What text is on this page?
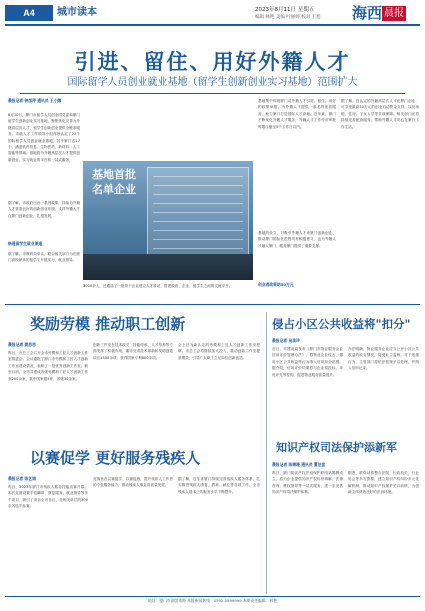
A4	城市读本	2023年8月11日 星期五
编辑 林艳 美编 叶丽婷 校对 王旭 海西 晨报
引进、留住、用好外籍人才
国际留学人员创业就业基地（留学生创新创业实习基地）范围扩大
晨报记者 钟彦萍 通讯员 王小娜
8月10日，厦门市留学人员创业园党委和厦门留学生创新创业实习基地，聚焦优化完善为外籍高层次人才、留学生创新创业提供全链条服务。市级人才工作领导小组首批认定了22个国际留学人员创业就业基地，其中厦门占17个，涵盖软件信息、生物医药、新材料、人工智能等领域。基地将为外籍高层次人才提供创新创业、实习就业的平台和一站式服务。
据了解，市政府出台一系列政策，持续为外籍人才营造良好的创新创业环境，支持外籍人才在厦门创新创业、扎根发展。
畅通留学生就业渠道
据了解，市教育局牵头，联合相关部门为在厦门高校就读的留学生开展实习、就业指导。
基地首批
名单企业
3000余人，还遴选了一批骨干企业建立人才驿站，搭建政府、企业、留学生之间的交流平台。
基地集中体现厦门对外籍人才引进、留住、用好的政策举措，为外籍人才提供一条龙的优质服务，助力厦门打造国际人才高地。近年来，厦门不断优化外籍人才服务，外籍人才工作许可审批时限压缩至5个工作日以内。
基地的设立，对吸引外籍人才来厦门创新创业、推动厦门国际化进程具有积极意义，也为外籍人才融入厦门、服务厦门提供了重要支撑。
创业者政策助50万元
据了解，经认定的外籍高层次人才在厦门创业，可享受最高50万元的创业启动资金支持，以及场地、住房、子女入学等多项保障。相关部门还将持续完善配套服务，帮助外籍人才安心在厦门工作生活。
奖励劳模 推动职工创新
晨报记者 黄思思
昨日，市总工会召开全市劳模和工匠人才创新工作室推进会。会议通报了厦门市劳模和工匠人才创新工作室建设情况，表彰了一批优秀创新工作室。截至目前，全市共建成各级劳模和工匠人才创新工作室200余家，其中国家级5家、省级30余家。
创新工作室在技术攻关、技能传承、人才培养等方面发挥了积极作用，累计完成技术革新和发明创造项目1500余项，获得国家专利800余项。
会上还为新认定的劳模和工匠人才创新工作室授牌。市总工会将继续加大投入，推动创新工作室提质增效，引导广大职工立足岗位创新创造。
以赛促学 更好服务残疾人
晨报记者 陈艺娟
昨日，2023年厦门市残疾人服务技能竞赛开幕。本次竞赛设置手语翻译、康复服务、就业指导等多个项目，吸引了来自全市各区、各相关单位的200余名选手参赛。
竞赛旨在以赛促学、以赛促练，提升残疾人工作者的专业服务能力，推动残疾人事业高质量发展。
据了解，近年来厦门持续完善残疾人服务体系，扎实推进残疾人康复、教育、就业等各项工作，全市残疾人基本公共服务水平不断提升。
侵占小区公共收益将"扣分"
晨报记者 吴美玲
近日，市建设局发布《厦门市物业服务企业信用评价管理办法》，将物业企业侵占、挪用小区公共收益等行为纳入信用扣分范围。据介绍，信用评价结果将与企业招投标、评优评先等挂钩，促进物业服务质量提升。
办法明确，物业服务企业应当公开小区公共收益的收支情况，接受业主监督。对于违规行为，主管部门将依法依规予以处理，并纳入信用记录。
知识产权司法保护添新军
晨报记者 陈梅珊 通讯员 厦法宣
昨日，厦门知识产权法庭保护联络站揭牌成立，将为企业提供知识产权纠纷调解、法律咨询、维权指导等一站式服务，进一步完善知识产权司法保护体系。
据悉，联络站将整合法院、行政机关、行业协会等多方资源，建立知识产权纠纷多元化解机制，推动知识产权保护关口前移，为创新主体营造良好的法治环境。
地址：厦门市湖滨南路 本报新闻热线：0592-5899999 本期责任编辑：林艳
